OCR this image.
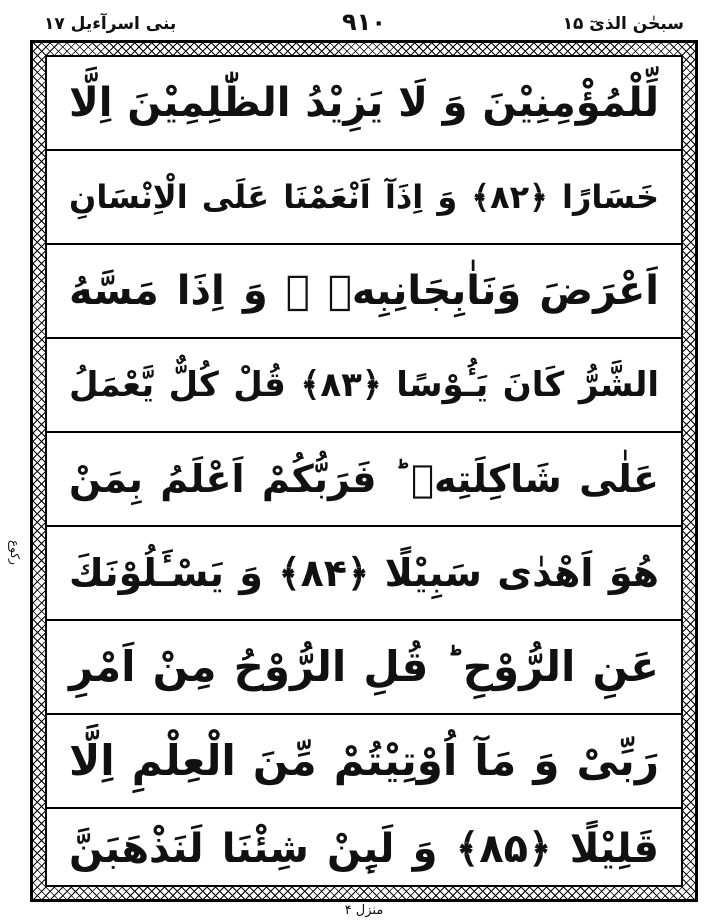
بنی اسرآءیل ۱۷	۹۱۰	سبحٰن الذیٓ ۱۵
ركوع
لِّلْمُؤْمِنِیْنَ وَ لَا یَزِیْدُ الظّٰلِمِیْنَ اِلَّا
خَسَارًا ﴿۸۲﴾ وَ اِذَآ اَنْعَمْنَا عَلَی الْاِنْسَانِ
اَعْرَضَ وَنَاٰبِجَانِبِهٖ ۚ وَ اِذَا مَسَّهُ
الشَّرُّ كَانَ یَـُٔوْسًا ﴿۸۳﴾ قُلْ كُلٌّ یَّعْمَلُ
عَلٰی شَاكِلَتِهٖ ؕ فَرَبُّكُمْ اَعْلَمُ بِمَنْ
هُوَ اَهْدٰی سَبِیْلًا ﴿۸۴﴾ وَ یَسْـَٔلُوْنَكَ
عَنِ الرُّوْحِ ؕ قُلِ الرُّوْحُ مِنْ اَمْرِ
رَبِّیْ وَ مَآ اُوْتِیْتُمْ مِّنَ الْعِلْمِ اِلَّا
قَلِیْلًا ﴿۸۵﴾ وَ لَىِٕنْ شِئْنَا لَنَذْهَبَنَّ
منزل ۴
